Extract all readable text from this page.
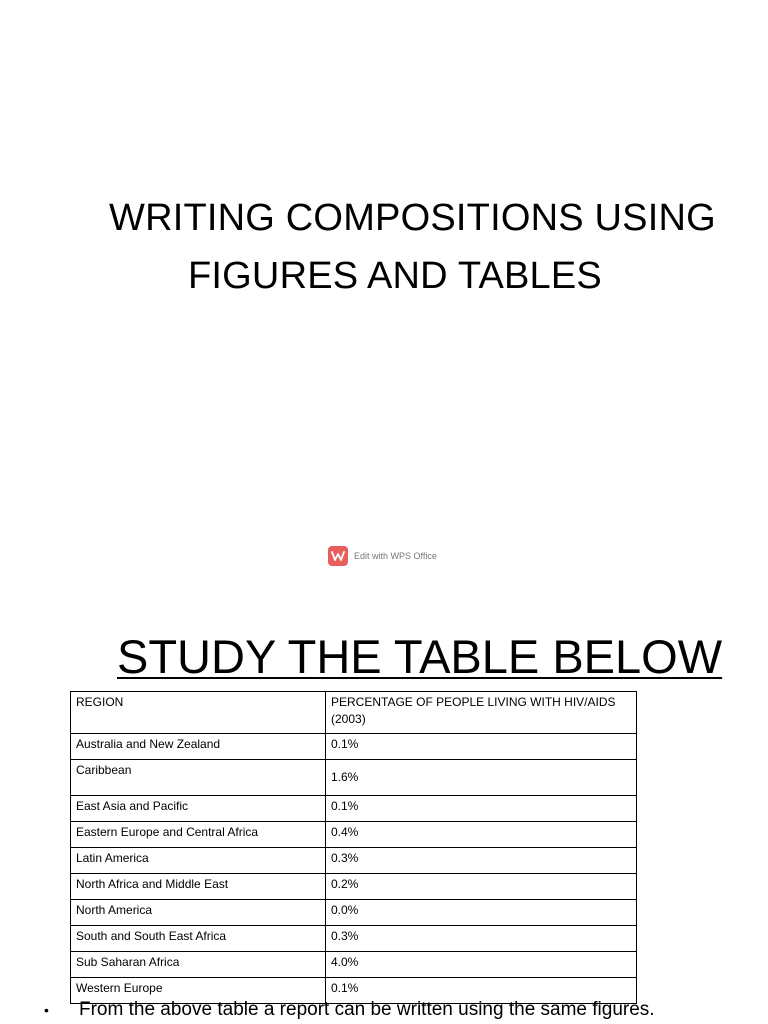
WRITING COMPOSITIONS USING
FIGURES AND TABLES
Edit with WPS Office
STUDY THE TABLE BELOW
REGION	PERCENTAGE OF PEOPLE LIVING WITH HIV/AIDS (2003)
Australia and New Zealand	0.1%
Caribbean	1.6%
East Asia and Pacific	0.1%
Eastern Europe and Central Africa	0.4%
Latin America	0.3%
North Africa and Middle East	0.2%
North America	0.0%
South and South East Africa	0.3%
Sub Saharan Africa	4.0%
Western Europe	0.1%
• From the above table a report can be written using the same figures.
